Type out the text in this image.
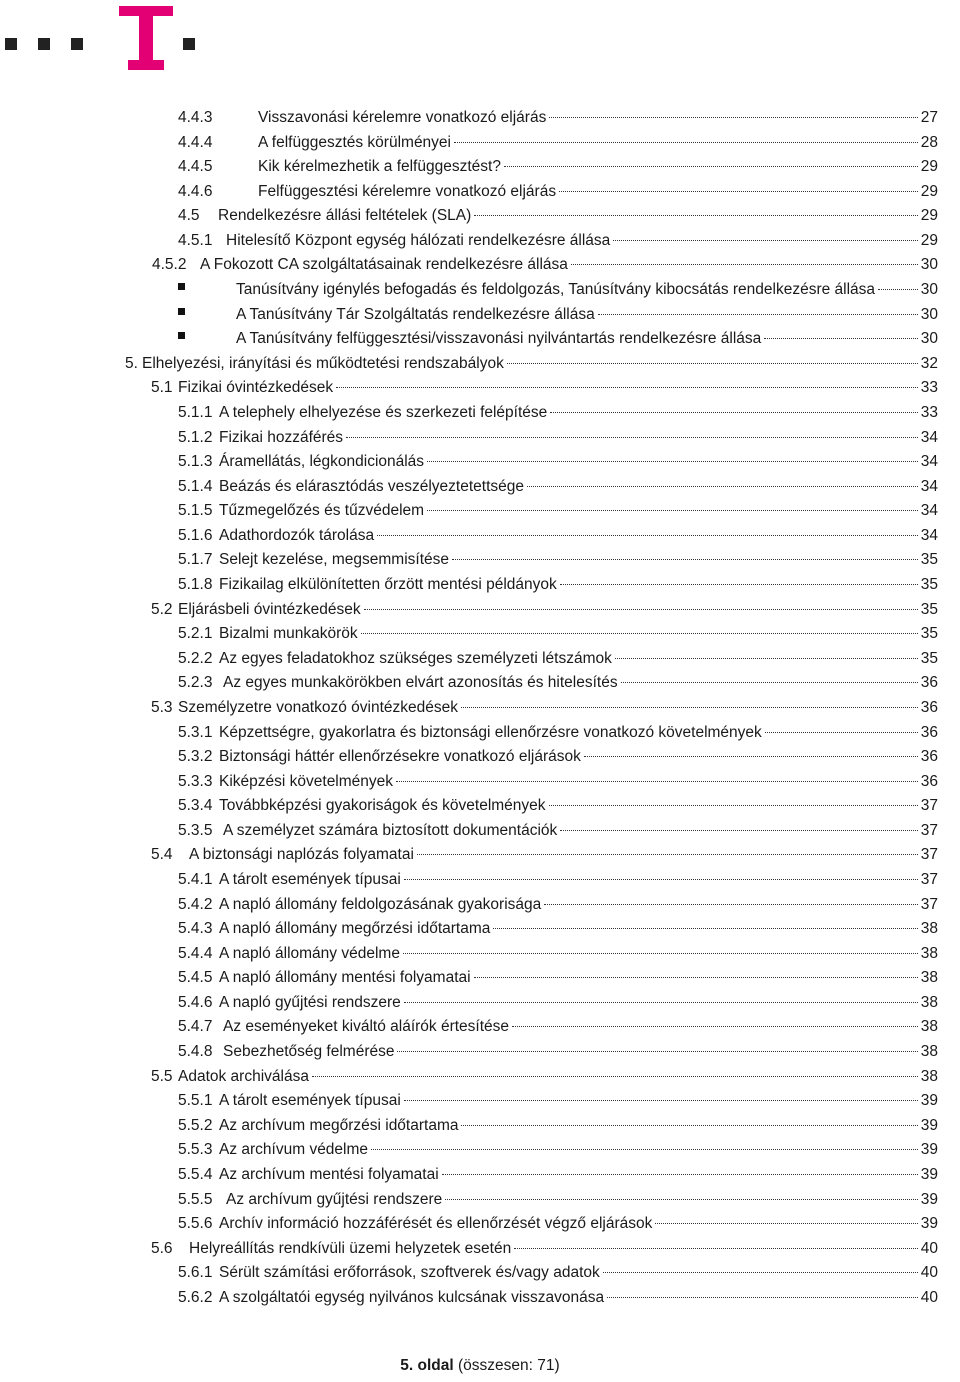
4.4.3	Visszavonási kérelemre vonatkozó eljárás	27
4.4.4	A felfüggesztés körülményei	28
4.4.5	Kik kérelmezhetik a felfüggesztést?	29
4.4.6	Felfüggesztési kérelemre vonatkozó eljárás	29
4.5	Rendelkezésre állási feltételek (SLA)	29
4.5.1 Hitelesítő Központ egység hálózati rendelkezésre állása	29
4.5.2 A Fokozott CA szolgáltatásainak rendelkezésre állása	30
Tanúsítvány igénylés befogadás és feldolgozás, Tanúsítvány kibocsátás rendelkezésre állása	30
A Tanúsítvány Tár Szolgáltatás rendelkezésre állása	30
A Tanúsítvány felfüggesztési/visszavonási nyilvántartás rendelkezésre állása	30
5. Elhelyezési, irányítási és működtetési rendszabályok	32
5.1 Fizikai óvintézkedések	33
5.1.1 A telephely elhelyezése és szerkezeti felépítése	33
5.1.2 Fizikai hozzáférés	34
5.1.3 Áramellátás, légkondicionálás	34
5.1.4 Beázás és elárasztódás veszélyeztetettsége	34
5.1.5 Tűzmegelőzés és tűzvédelem	34
5.1.6 Adathordozók tárolása	34
5.1.7 Selejt kezelése, megsemmisítése	35
5.1.8 Fizikailag elkülönítetten őrzött mentési példányok	35
5.2 Eljárásbeli óvintézkedések	35
5.2.1 Bizalmi munkakörök	35
5.2.2 Az egyes feladatokhoz szükséges személyzeti létszámok	35
5.2.3 Az egyes munkakörökben elvárt azonosítás és hitelesítés	36
5.3 Személyzetre vonatkozó óvintézkedések	36
5.3.1 Képzettségre, gyakorlatra és biztonsági ellenőrzésre vonatkozó követelmények	36
5.3.2 Biztonsági háttér ellenőrzésekre vonatkozó eljárások	36
5.3.3 Kiképzési követelmények	36
5.3.4 Továbbképzési gyakoriságok és követelmények	37
5.3.5 A személyzet számára biztosított dokumentációk	37
5.4	A biztonsági naplózás folyamatai	37
5.4.1 A tárolt események típusai	37
5.4.2 A napló állomány feldolgozásának gyakorisága	37
5.4.3 A napló állomány megőrzési időtartama	38
5.4.4 A napló állomány védelme	38
5.4.5 A napló állomány mentési folyamatai	38
5.4.6 A napló gyűjtési rendszere	38
5.4.7 Az eseményeket kiváltó aláírók értesítése	38
5.4.8 Sebezhetőség felmérése	38
5.5 Adatok archiválása	38
5.5.1 A tárolt események típusai	39
5.5.2 Az archívum megőrzési időtartama	39
5.5.3 Az archívum védelme	39
5.5.4 Az archívum mentési folyamatai	39
5.5.5 Az archívum gyűjtési rendszere	39
5.5.6 Archív információ hozzáférését és ellenőrzését végző eljárások	39
5.6	Helyreállítás rendkívüli üzemi helyzetek esetén	40
5.6.1 Sérült számítási erőforrások, szoftverek és/vagy adatok	40
5.6.2 A szolgáltatói egység nyilvános kulcsának visszavonása	40
5. oldal (összesen: 71)
